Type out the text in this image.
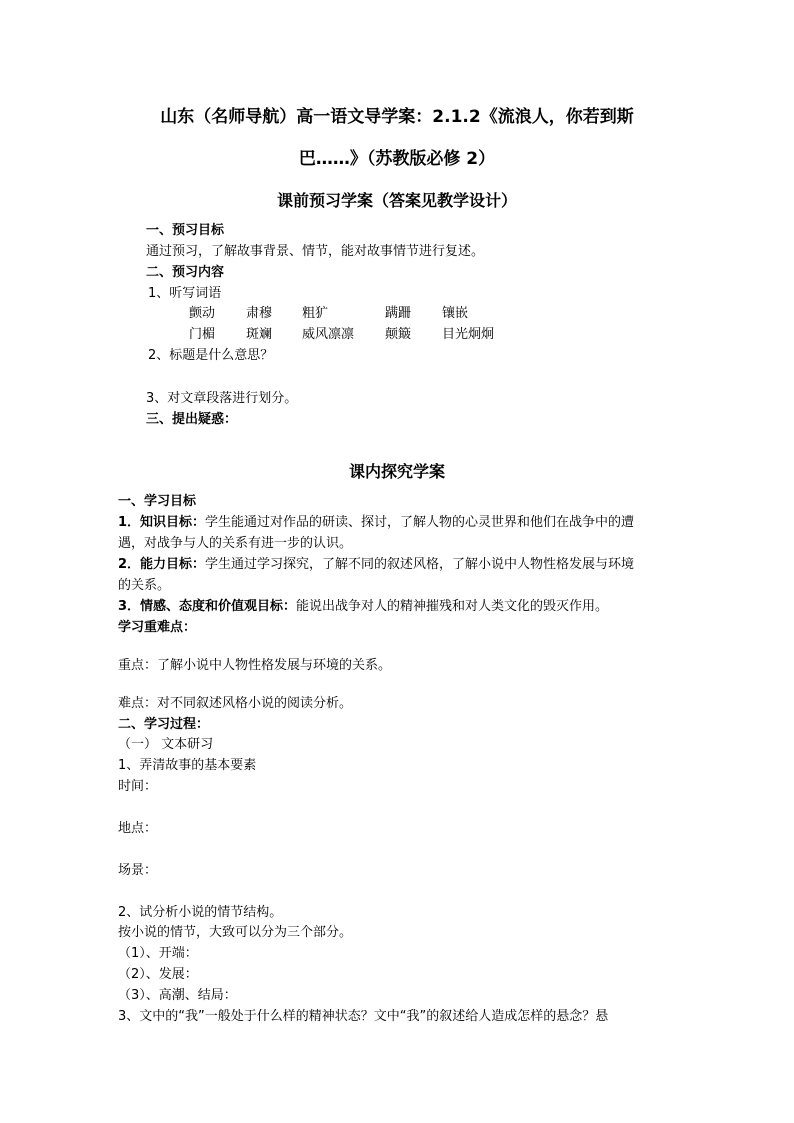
山东（名师导航）高一语文导学案：2.1.2《流浪人，你若到斯
巴……》（苏教版必修 2）
课前预习学案（答案见教学设计）
一、预习目标
通过预习，了解故事背景、情节，能对故事情节进行复述。
二、预习内容
1、听写词语
颤动 肃穆 粗犷	蹒跚 镶嵌
门楣 斑斓 威风凛凛 颠簸 目光炯炯
2、标题是什么意思？
3、对文章段落进行划分。
三、提出疑惑：
课内探究学案
一、学习目标
1．知识目标：学生能通过对作品的研读、探讨，了解人物的心灵世界和他们在战争中的遭
遇，对战争与人的关系有进一步的认识。
2．能力目标：学生通过学习探究，了解不同的叙述风格，了解小说中人物性格发展与环境
的关系。
3．情感、态度和价值观目标：能说出战争对人的精神摧残和对人类文化的毁灭作用。
学习重难点：
重点：了解小说中人物性格发展与环境的关系。
难点：对不同叙述风格小说的阅读分析。
二、学习过程：
（一） 文本研习
1、弄清故事的基本要素
时间：
地点：
场景：
2、试分析小说的情节结构。
按小说的情节，大致可以分为三个部分。
（1）、开端：
（2）、发展：
（3）、高潮、结局：
3、文中的“我”一般处于什么样的精神状态？文中“我”的叙述给人造成怎样的悬念？悬
